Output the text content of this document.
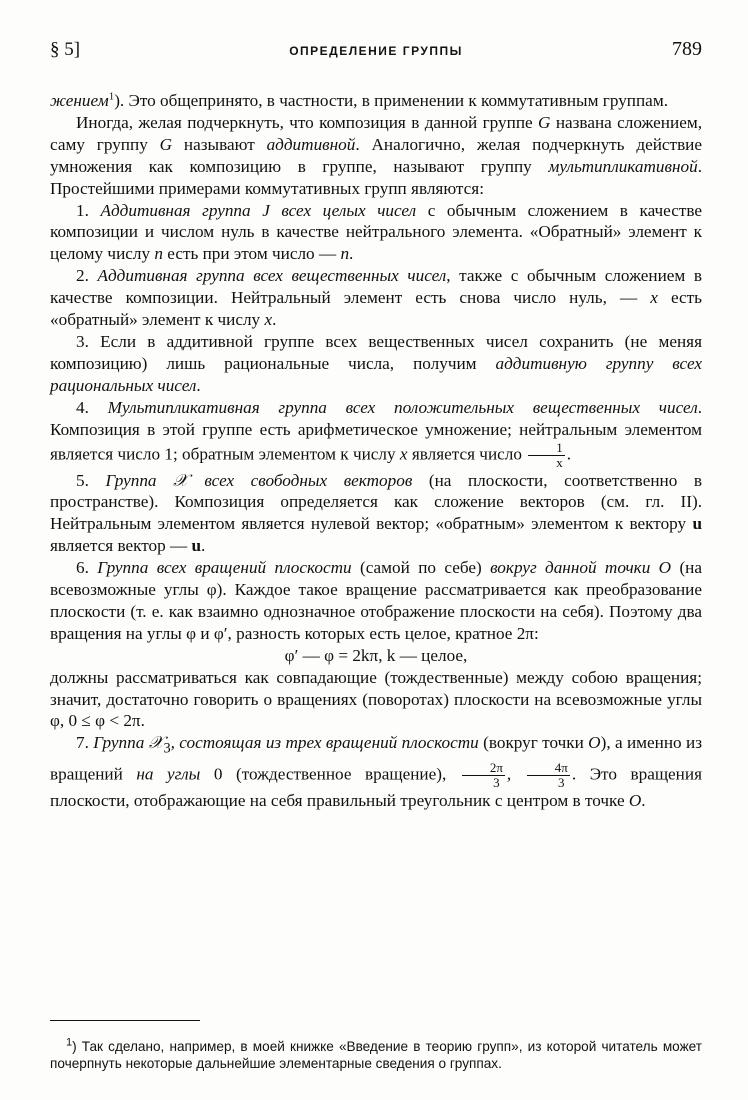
§ 5]	ОПРЕДЕЛЕНИЕ ГРУППЫ	789

жением$^1$). Это общепринято, в частности, в применении к коммутативным группам.

Иногда, желая подчеркнуть, что композиция в данной группе G названа сложением, саму группу G называют аддитивной. Аналогично, желая подчеркнуть действие умножения как композицию в группе, называют группу мультипликативной. Простейшими примерами коммутативных групп являются:

1. Аддитивная группа J всех целых чисел с обычным сложением в качестве композиции и числом нуль в качестве нейтрального элемента. «Обратный» элемент к целому числу n есть при этом число — n.

2. Аддитивная группа всех вещественных чисел, также с обычным сложением в качестве композиции. Нейтральный элемент есть снова число нуль, — x есть «обратный» элемент к числу x.

3. Если в аддитивной группе всех вещественных чисел сохранить (не меняя композицию) лишь рациональные числа, получим аддитивную группу всех рациональных чисел.

4. Мультипликативная группа всех положительных вещественных чисел. Композиция в этой группе есть арифметическое умножение; нейтральным элементом является число 1; обратным элементом к числу x является число $\frac{1}{x}$ .

5. Группа 𝒳 всех свободных векторов (на плоскости, соответственно в пространстве). Композиция определяется как сложение векторов (см. гл. II). Нейтральным элементом является нулевой вектор; «обратным» элементом к вектору u является вектор — u.

6. Группа всех вращений плоскости (самой по себе) вокруг данной точки O (на всевозможные углы φ). Каждое такое вращение рассматривается как преобразование плоскости (т. е. как взаимно однозначное отображение плоскости на себя). Поэтому два вращения на углы φ и φ′, разность которых есть целое, кратное 2π:

φ′ — φ = 2kπ, k — целое,

должны рассматриваться как совпадающие (тождественные) между собою вращения; значит, достаточно говорить о вращениях (поворотах) плоскости на всевозможные углы φ, 0 ≤ φ < 2π.

7. Группа 𝒳$_3$, состоящая из трех вращений плоскости (вокруг точки O), а именно из вращений на углы 0 (тождественное вращение), $\frac{2\pi}{3}$ , $\frac{4\pi}{3}$ . Это вращения плоскости, отображающие на себя правильный треугольник с центром в точке O.

$^1$) Так сделано, например, в моей книжке «Введение в теорию групп», из которой читатель может почерпнуть некоторые дальнейшие элементарные сведения о группах.
